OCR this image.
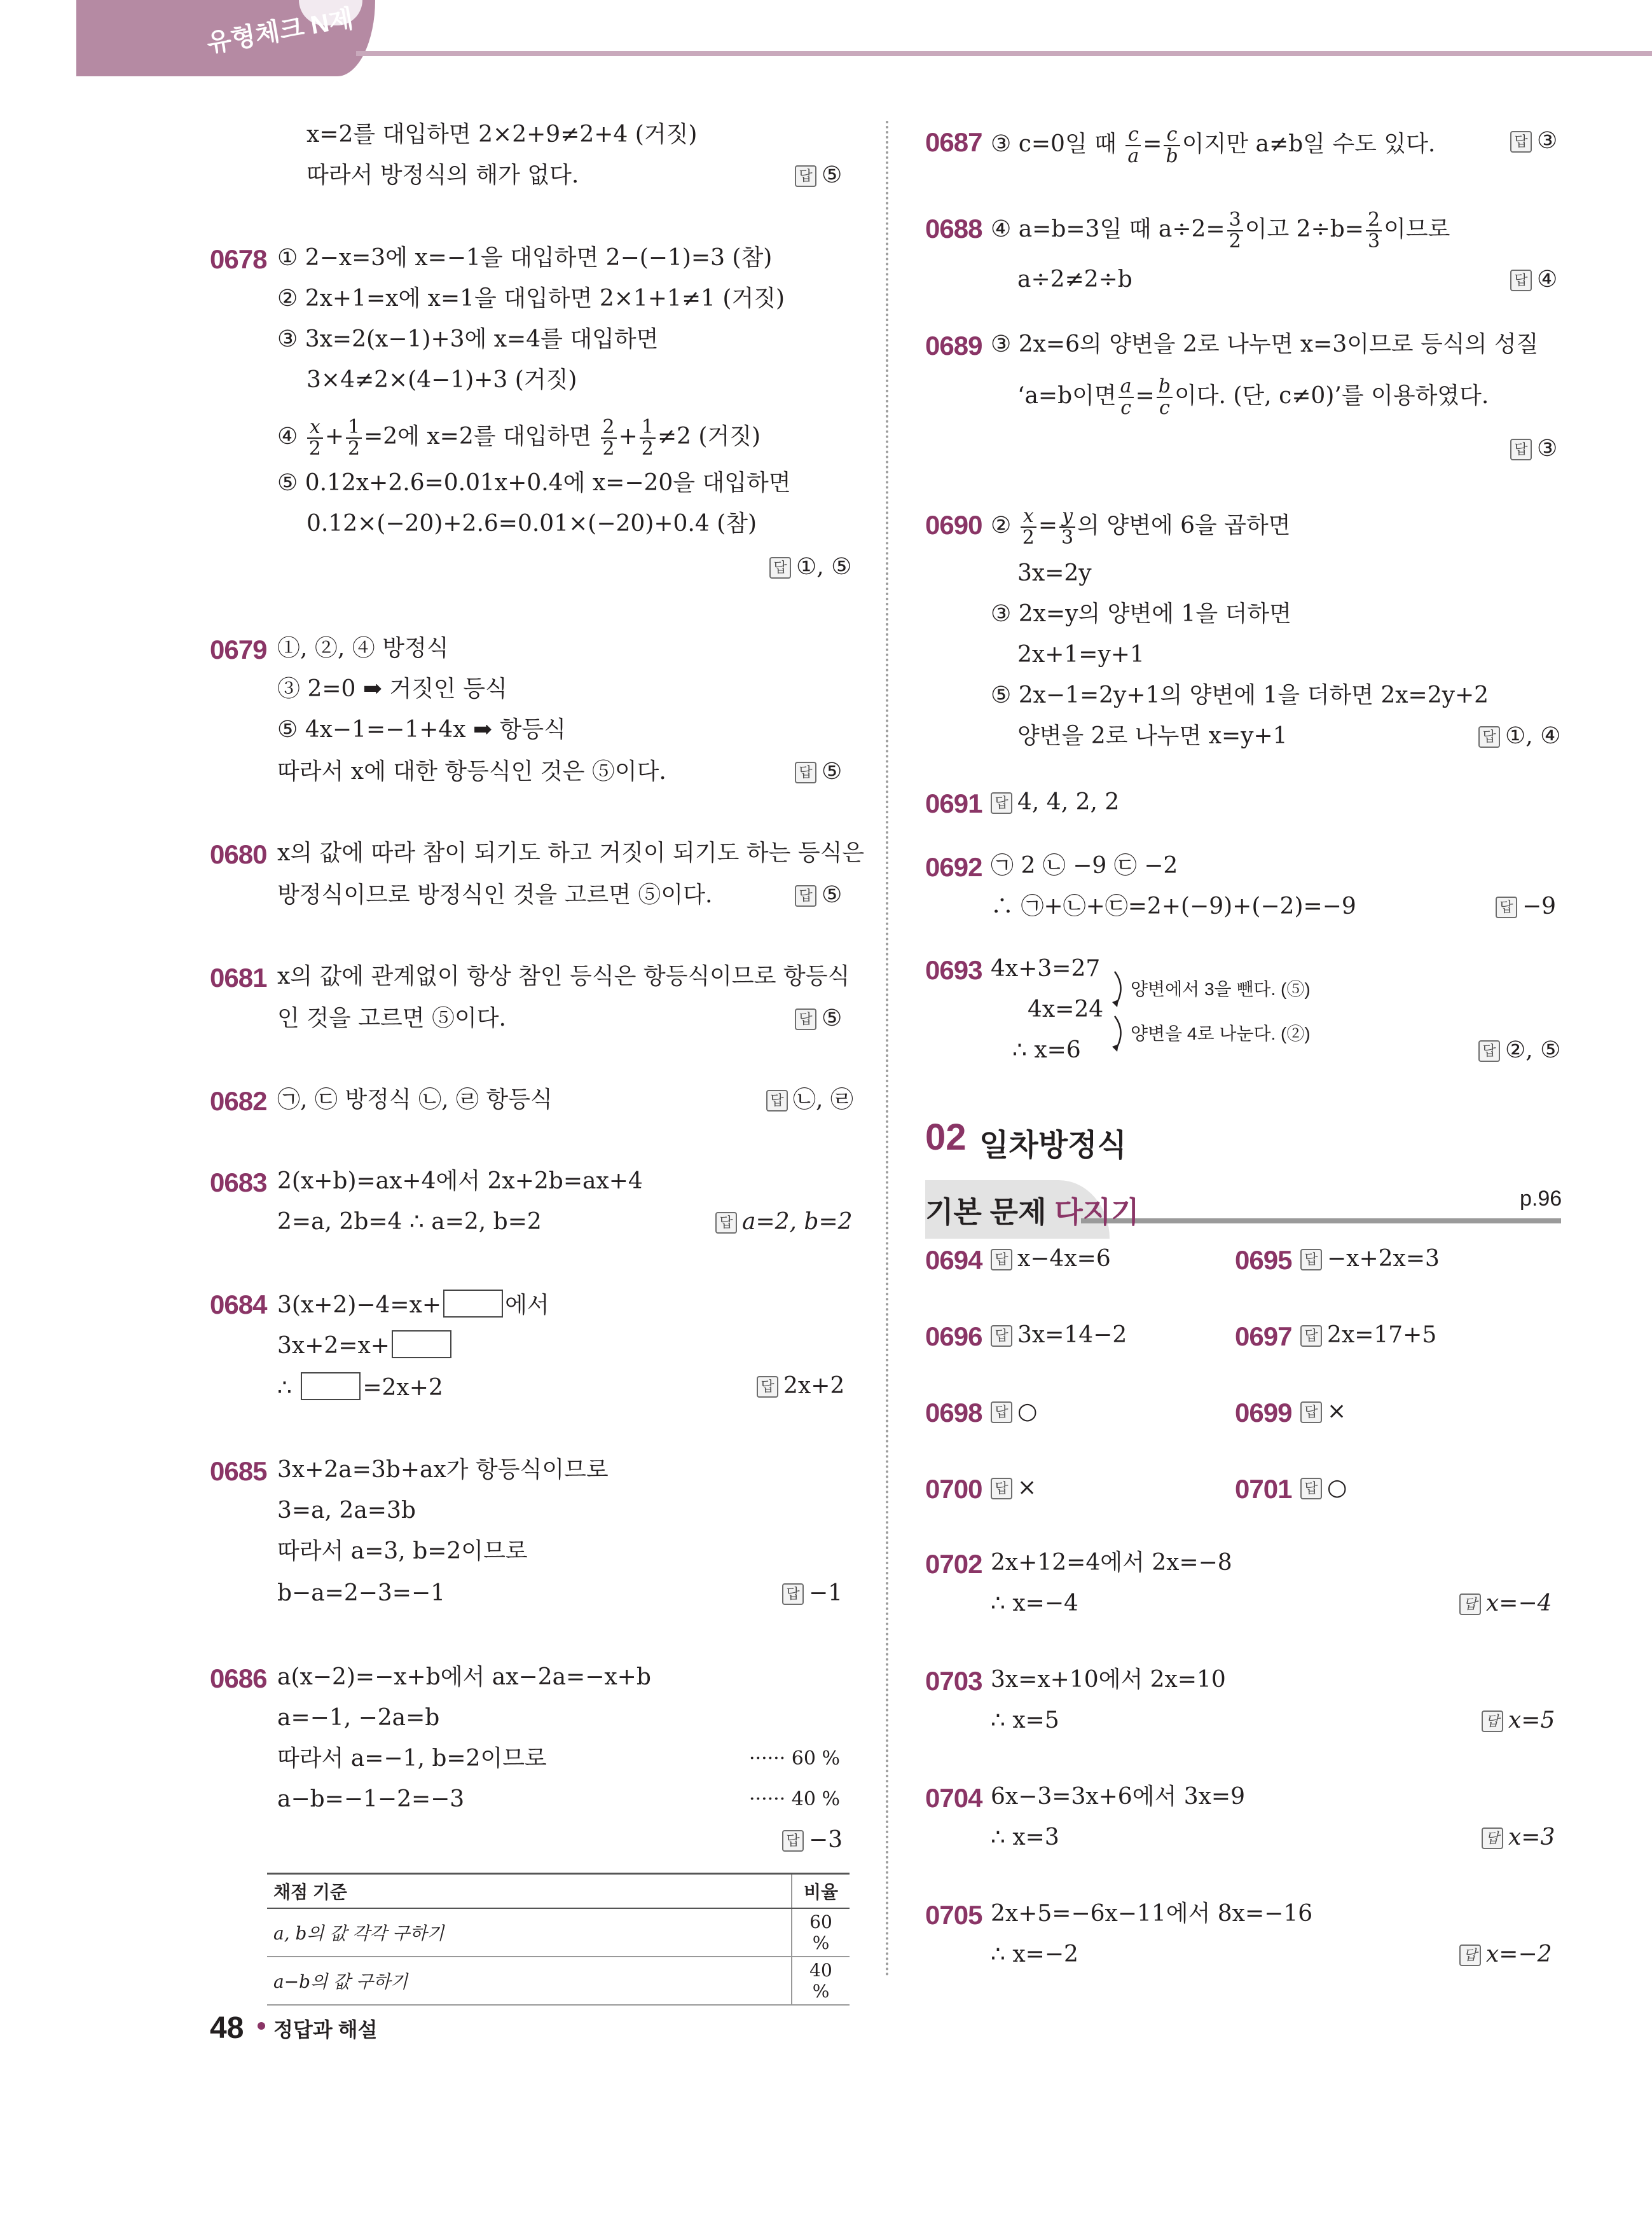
유형체크 N제
x=2를 대입하면 2×2+9≠2+4 (거짓)
따라서 방정식의 해가 없다.	답 ⑤
0678 ① 2−x=3에 x=−1을 대입하면 2−(−1)=3 (참)
② 2x+1=x에 x=1을 대입하면 2×1+1≠1 (거짓)
③ 3x=2(x−1)+3에 x=4를 대입하면
3×4≠2×(4−1)+3 (거짓)
④ $\frac{x}{2} + \frac{1}{2} =2$에 x=2를 대입하면 $\frac{2}{2} + \frac{1}{2} \ne 2$ (거짓)
⑤ 0.12x+2.6=0.01x+0.4에 x=−20을 대입하면
0.12×(−20)+2.6=0.01×(−20)+0.4 (참)
답 ①, ⑤
0679 ①, ②, ④ 방정식
③ 2=0 ➡ 거짓인 등식
⑤ 4x−1=−1+4x ➡ 항등식
따라서 x에 대한 항등식인 것은 ⑤이다.	답 ⑤
0680 x의 값에 따라 참이 되기도 하고 거짓이 되기도 하는 등식은
방정식이므로 방정식인 것을 고르면 ⑤이다.	답 ⑤
0681 x의 값에 관계없이 항상 참인 등식은 항등식이므로 항등식
인 것을 고르면 ⑤이다.	답 ⑤
0682 ㉠, ㉢ 방정식 ㉡, ㉣ 항등식	답 ㉡, ㉣
0683 2(x+b)=ax+4에서 2x+2b=ax+4
2=a, 2b=4 ∴ a=2, b=2	답 a=2, b=2
0684 3(x+2)−4=x+	에서
3x+2=x+
∴	=2x+2	답 2x+2
0685 3x+2a=3b+ax가 항등식이므로
3=a, 2a=3b
따라서 a=3, b=2이므로
b−a=2−3=−1	답 −1
0686 a(x−2)=−x+b에서 ax−2a=−x+b
a=−1, −2a=b
따라서 a=−1, b=2이므로	······ 60 %
a−b=−1−2=−3	······ 40 %
답 −3
채점 기준	비율
a, b의 값 각각 구하기	60 %
a−b의 값 구하기	40 %
0687 ③ c=0일 때 $\frac{c}{a} = \frac{c}{b}$ 이지만 a≠b일 수도 있다.	답 ③
0688 ④ a=b=3일 때 $a\div 2= \frac{3}{2}$ 이고 $2\div b= \frac{2}{3}$ 이므로
a÷2≠2÷b	답 ④
0689 ③ 2x=6의 양변을 2로 나누면 x=3이므로 등식의 성질
‘a=b이면 $\frac{a}{c} = \frac{b}{c}$ 이다. (단, c≠0)’를 이용하였다.
답 ③
0690 ② $\frac{x}{2} = \frac{y}{3}$ 의 양변에 6을 곱하면
3x=2y
③ 2x=y의 양변에 1을 더하면
2x+1=y+1
⑤ 2x−1=2y+1의 양변에 1을 더하면 2x=2y+2
양변을 2로 나누면 x=y+1	답 ①, ④
0691 답 4, 4, 2, 2
0692 ㉠ 2 ㉡ −9 ㉢ −2
∴ ㉠+㉡+㉢=2+(−9)+(−2)=−9	답 −9
0693 4x+3=27
4x=24
∴ x=6
양변에서 3을 뺀다. (⑤)
양변을 4로 나눈다. (②)
답 ②, ⑤
02 일차방정식
기본 문제 다지기	p.96
0694 답 x−4x=6	0695 답 −x+2x=3
0696 답 3x=14−2	0697 답 2x=17+5
0698 답 ○	0699 답 ×
0700 답 ×	0701 답 ○
0702 2x+12=4에서 2x=−8
∴ x=−4	답 x=−4
0703 3x=x+10에서 2x=10
∴ x=5	답 x=5
0704 6x−3=3x+6에서 3x=9
∴ x=3	답 x=3
0705 2x+5=−6x−11에서 8x=−16
∴ x=−2	답 x=−2
48 정답과 해설
